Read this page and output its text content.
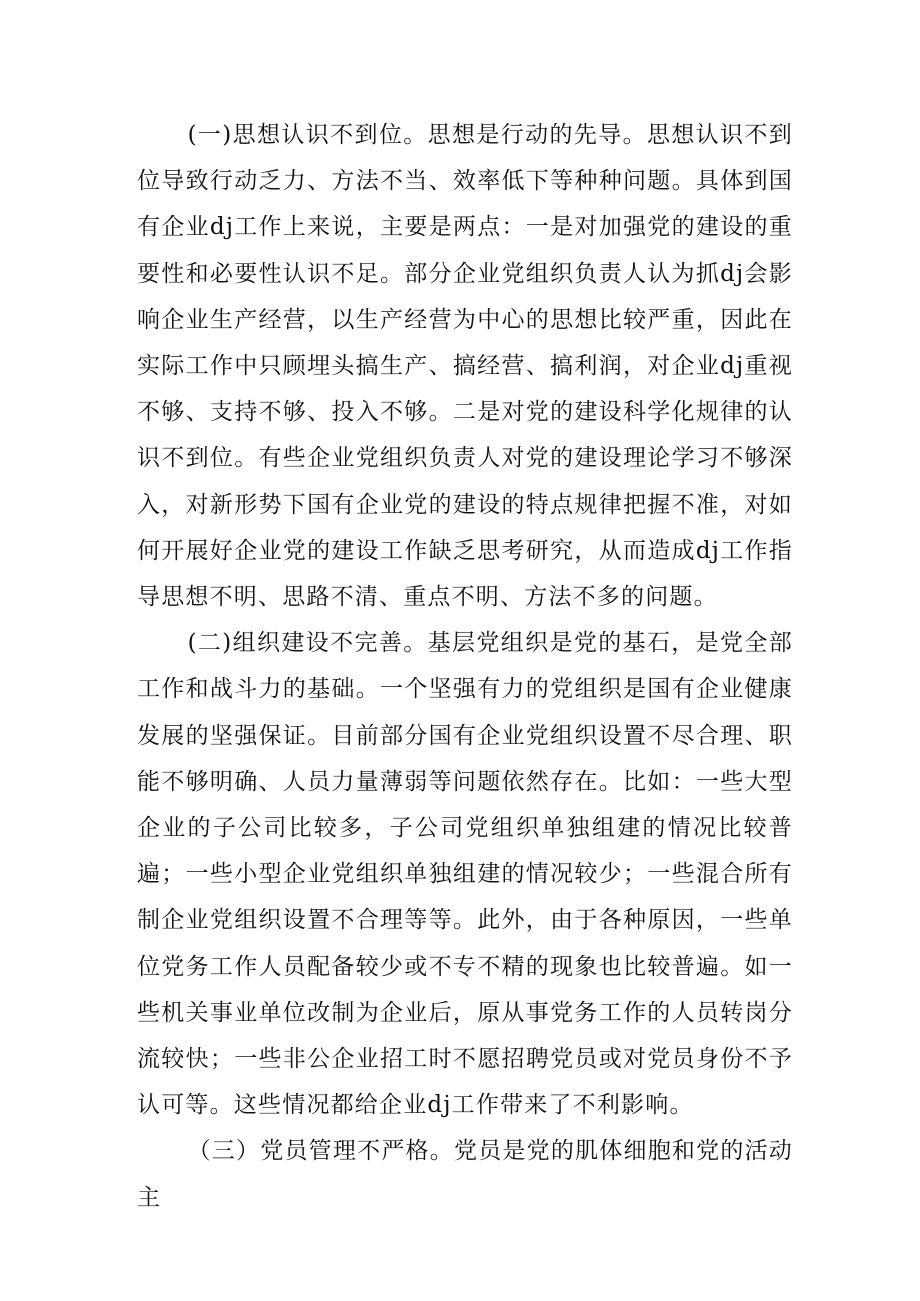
(一)思想认识不到位。思想是行动的先导。思想认识不到位导致行动乏力、方法不当、效率低下等种种问题。具体到国有企业dj工作上来说，主要是两点：一是对加强党的建设的重要性和必要性认识不足。部分企业党组织负责人认为抓dj会影响企业生产经营，以生产经营为中心的思想比较严重，因此在实际工作中只顾埋头搞生产、搞经营、搞利润，对企业dj重视不够、支持不够、投入不够。二是对党的建设科学化规律的认识不到位。有些企业党组织负责人对党的建设理论学习不够深入，对新形势下国有企业党的建设的特点规律把握不准，对如何开展好企业党的建设工作缺乏思考研究，从而造成dj工作指导思想不明、思路不清、重点不明、方法不多的问题。

(二)组织建设不完善。基层党组织是党的基石，是党全部工作和战斗力的基础。一个坚强有力的党组织是国有企业健康发展的坚强保证。目前部分国有企业党组织设置不尽合理、职能不够明确、人员力量薄弱等问题依然存在。比如：一些大型企业的子公司比较多，子公司党组织单独组建的情况比较普遍；一些小型企业党组织单独组建的情况较少；一些混合所有制企业党组织设置不合理等等。此外，由于各种原因，一些单位党务工作人员配备较少或不专不精的现象也比较普遍。如一些机关事业单位改制为企业后，原从事党务工作的人员转岗分流较快；一些非公企业招工时不愿招聘党员或对党员身份不予认可等。这些情况都给企业dj工作带来了不利影响。

（三）党员管理不严格。党员是党的肌体细胞和党的活动主
